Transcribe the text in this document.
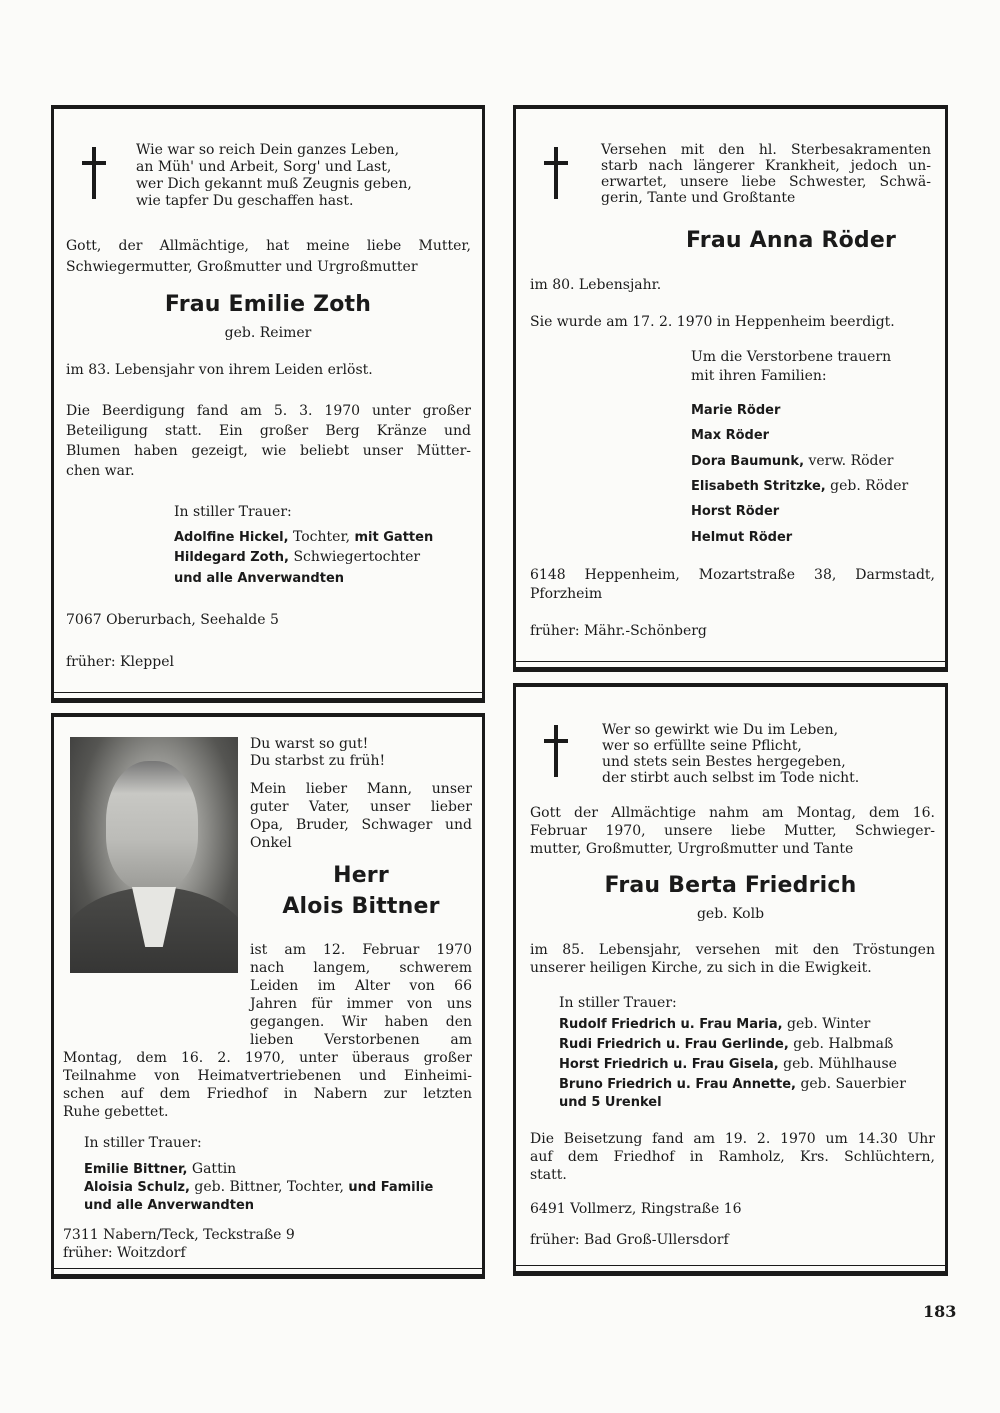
Wie war so reich Dein ganzes Leben,

an Müh' und Arbeit, Sorg' und Last,

wer Dich gekannt muß Zeugnis geben,

wie tapfer Du geschaffen hast.

Gott, der Allmächtige, hat meine liebe Mutter,

Schwiegermutter, Großmutter und Urgroßmutter

Frau Emilie Zoth

geb. Reimer

im 83. Lebensjahr von ihrem Leiden erlöst.

Die Beerdigung fand am 5. 3. 1970 unter großer

Beteiligung statt. Ein großer Berg Kränze und

Blumen haben gezeigt, wie beliebt unser Mütter-

chen war.

In stiller Trauer:

Adolfine Hickel, Tochter, mit Gatten

Hildegard Zoth, Schwiegertochter

und alle Anverwandten

7067 Oberurbach, Seehalde 5

früher: Kleppel

Versehen mit den hl. Sterbesakramenten

starb nach längerer Krankheit, jedoch un-

erwartet, unsere liebe Schwester, Schwä-

gerin, Tante und Großtante

Frau Anna Röder

im 80. Lebensjahr.

Sie wurde am 17. 2. 1970 in Heppenheim beerdigt.

Um die Verstorbene trauern

mit ihren Familien:

Marie Röder

Max Röder

Dora Baumunk, verw. Röder

Elisabeth Stritzke, geb. Röder

Horst Röder

Helmut Röder

6148 Heppenheim, Mozartstraße 38, Darmstadt,

Pforzheim

früher: Mähr.-Schönberg

Du warst so gut!

Du starbst zu früh!

Mein lieber Mann, unser

guter Vater, unser lieber

Opa, Bruder, Schwager und

Onkel

Herr

Alois Bittner

ist am 12. Februar 1970

nach langem, schwerem

Leiden im Alter von 66

Jahren für immer von uns

gegangen. Wir haben den

lieben Verstorbenen am

Montag, dem 16. 2. 1970, unter überaus großer

Teilnahme von Heimatvertriebenen und Einheimi-

schen auf dem Friedhof in Nabern zur letzten

Ruhe gebettet.

In stiller Trauer:

Emilie Bittner, Gattin

Aloisia Schulz, geb. Bittner, Tochter, und Familie

und alle Anverwandten

7311 Nabern/Teck, Teckstraße 9

früher: Woitzdorf

Wer so gewirkt wie Du im Leben,

wer so erfüllte seine Pflicht,

und stets sein Bestes hergegeben,

der stirbt auch selbst im Tode nicht.

Gott der Allmächtige nahm am Montag, dem 16.

Februar 1970, unsere liebe Mutter, Schwieger-

mutter, Großmutter, Urgroßmutter und Tante

Frau Berta Friedrich

geb. Kolb

im 85. Lebensjahr, versehen mit den Tröstungen

unserer heiligen Kirche, zu sich in die Ewigkeit.

In stiller Trauer:

Rudolf Friedrich u. Frau Maria, geb. Winter

Rudi Friedrich u. Frau Gerlinde, geb. Halbmaß

Horst Friedrich u. Frau Gisela, geb. Mühlhause

Bruno Friedrich u. Frau Annette, geb. Sauerbier

und 5 Urenkel

Die Beisetzung fand am 19. 2. 1970 um 14.30 Uhr

auf dem Friedhof in Ramholz, Krs. Schlüchtern,

statt.

6491 Vollmerz, Ringstraße 16

früher: Bad Groß-Ullersdorf

183
